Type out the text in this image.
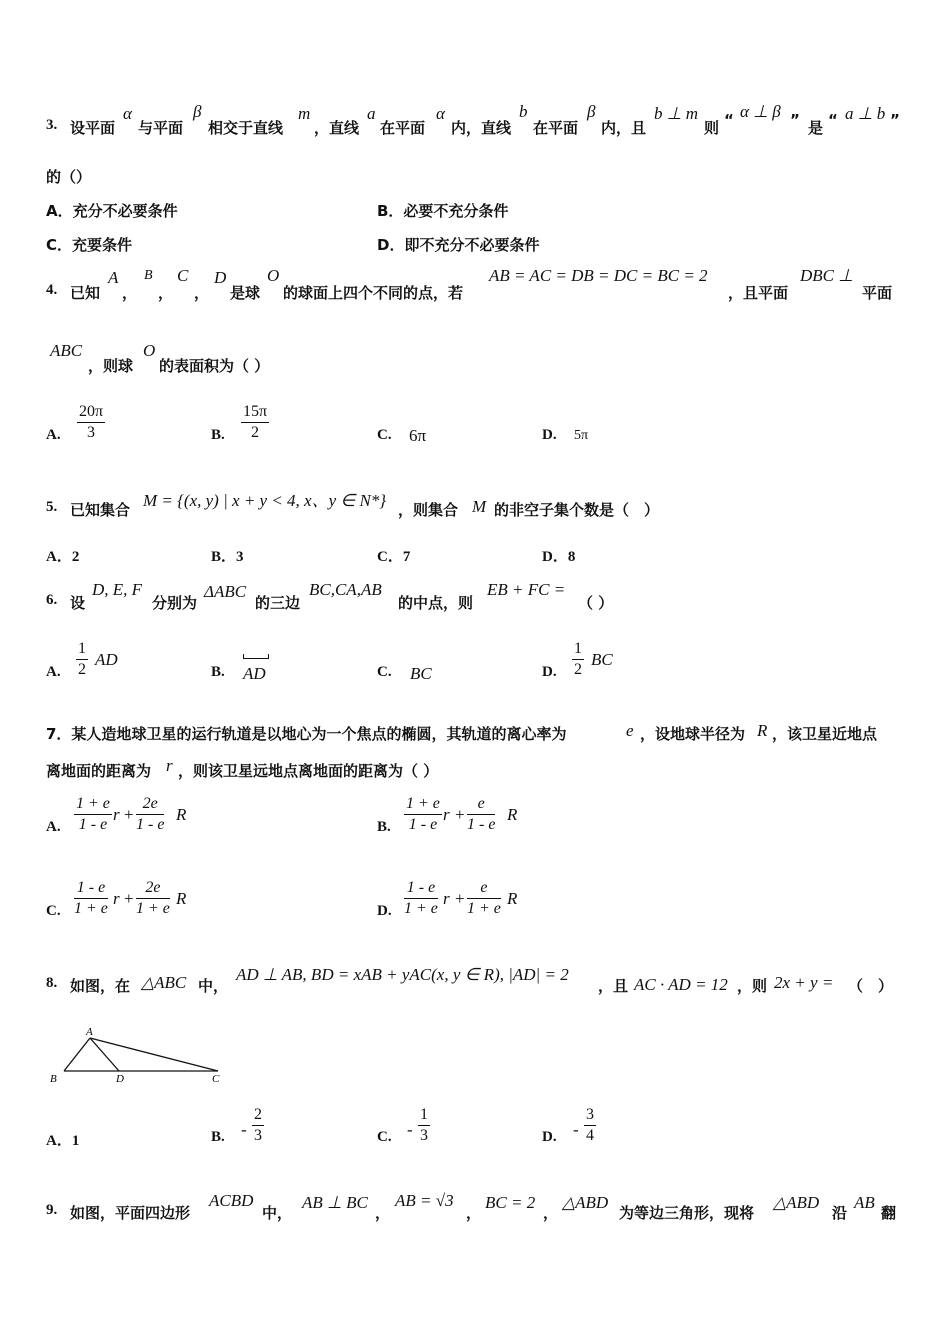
3. 设平面
α
与平面
β
相交于直线
m
，直线
a
在平面
α
内，直线
b
在平面
β
内，且
b ⊥ m
则 “ α ⊥ β ” 是 “ a ⊥ b ”
的（）
A．充分不必要条件	B．必要不充分条件
C．充要条件	D．即不充分不必要条件
4. 已知
A
，
B
，
C
，
D
是球
O
的球面上四个不同的点，若
AB = AC = DB = DC = BC = 2
，且平面
DBC ⊥
平面
ABC
，则球
O
的表面积为（ ）
A. $\frac{20\pi}{3}$	B. $\frac{15\pi}{2}$	C. 6π	D. 5π
5. 已知集合 M = {(x, y) | x + y < 4, x、y ∈ N*} ，则集合 M 的非空子集个数是（　）
A．2	B．3	C．7	D．8
6. 设
D, E, F
分别为
ΔABC
的三边
BC,CA,AB
的中点，则
EB + FC =
（ ）
A. $\frac{1}{2}$ AD
B. AD	C. BC	D. $\frac{1}{2}$ BC
7．某人造地球卫星的运行轨道是以地心为一个焦点的椭圆，其轨道的离心率为	e ，设地球半径为 R ，该卫星近地点
离地面的距离为 r ，则该卫星远地点离地面的距离为（ ）
A. $\frac{1 + e}{1 - e}$ $r + \frac{2e}{1 - e}$ R
B. $\frac{1 + e}{1 - e}$ $r + \frac{e}{1 - e}$ R
C. $\frac{1 - e}{1 + e}$ $r + \frac{2e}{1 + e}$ R
D. $\frac{1 - e}{1 + e}$ $r + \frac{e}{1 + e}$ R
8. 如图，在 △ABC 中，
AD ⊥ AB, BD = xAB + yAC(x, y ∈ R), |AD| = 2
，且 AC · AD = 12 ，则 2x + y = （　）
A
B	D	C
A．1	B. - $\frac{2}{3}$	C. - $\frac{1}{3}$	D. - $\frac{3}{4}$
9. 如图，平面四边形
ACBD
中，
AB ⊥ BC
，
AB = √3
，
BC = 2
，
△ABD
为等边三角形，现将
△ABD
沿
AB
翻
